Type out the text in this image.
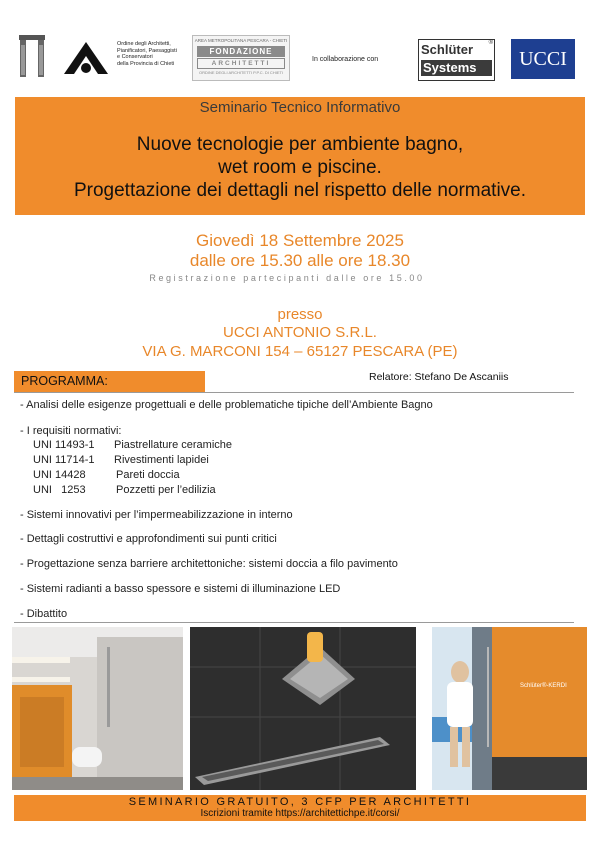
Ordine degli Architetti,
Pianificatori, Paesaggisti
e Conservatori
della Provincia di Chieti
AREA METROPOLITANA PESCARA - CHIETI
FONDAZIONE
ARCHITETTI
ORDINE DEGLI ARCHITETTI P.P.C. DI CHIETI
In collaborazione con
Schlüter
Systems
®
UCCI
Seminario Tecnico Informativo
Nuove tecnologie per ambiente bagno,
wet room e piscine.
Progettazione dei dettagli nel rispetto delle normative.
Giovedì 18 Settembre 2025
dalle ore 15.30 alle ore 18.30
Registrazione partecipanti dalle ore 15.00
presso
UCCI ANTONIO S.R.L.
VIA G. MARCONI 154 – 65127 PESCARA (PE)
PROGRAMMA:	Relatore: Stefano De Ascaniis
- Analisi delle esigenze progettuali e delle problematiche tipiche dell’Ambiente Bagno
- I requisiti normativi:
UNI 11493-1 Piastrellature ceramiche
UNI 11714-1 Rivestimenti lapidei
UNI 14428	Pareti doccia
UNI   1253	Pozzetti per l’edilizia
- Sistemi innovativi per l’impermeabilizzazione in interno
- Dettagli costruttivi e approfondimenti sui punti critici
- Progettazione senza barriere architettoniche: sistemi doccia a filo pavimento
- Sistemi radianti a basso spessore e sistemi di illuminazione LED
- Dibattito
Schlüter®-KERDI
SEMINARIO GRATUITO, 3 CFP PER ARCHITETTI
Iscrizioni tramite https://architettichpe.it/corsi/
